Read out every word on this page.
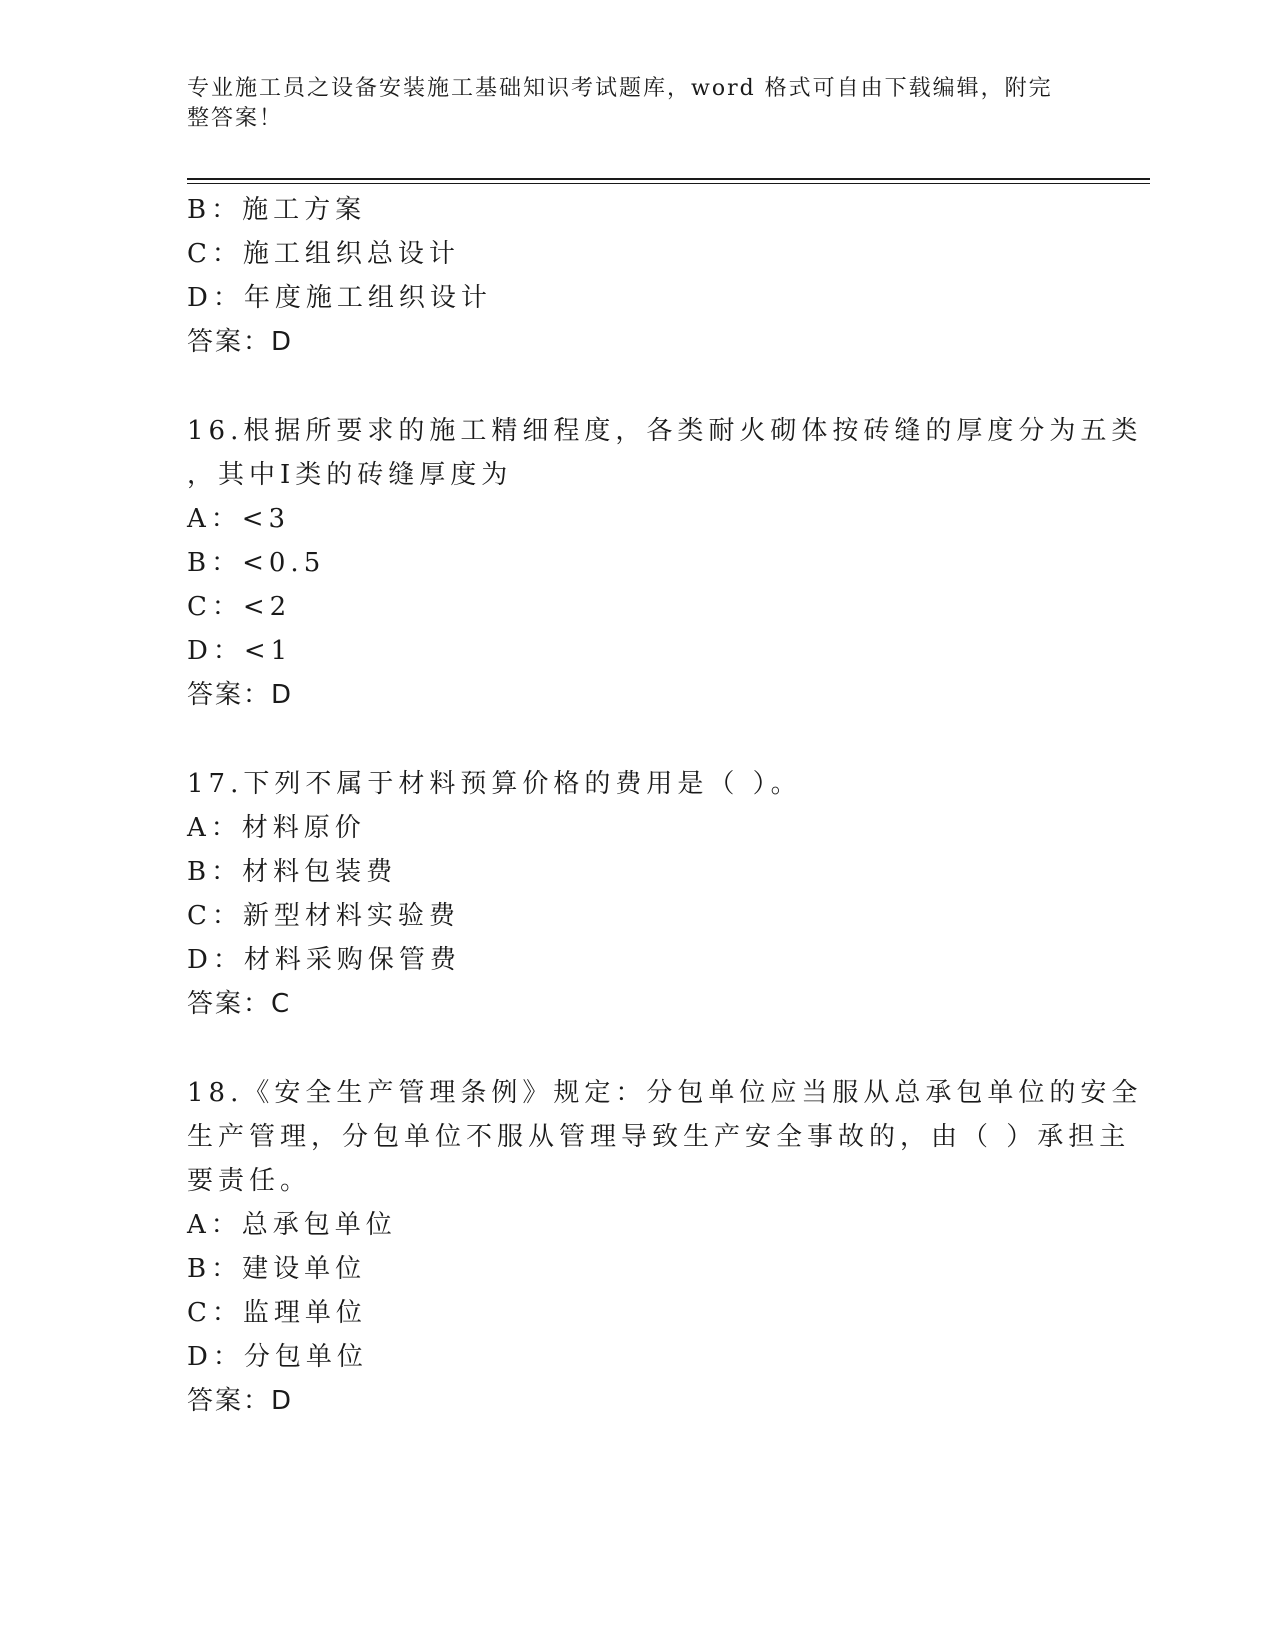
专业施工员之设备安装施工基础知识考试题库，word 格式可自由下载编辑，附完
整答案！
B：施工方案
C：施工组织总设计
D：年度施工组织设计
答案：D
16.根据所要求的施工精细程度，各类耐火砌体按砖缝的厚度分为五类
，其中Ⅰ类的砖缝厚度为
A：<3
B：<0.5
C：<2
D：<1
答案：D
17.下列不属于材料预算价格的费用是（ ）。
A：材料原价
B：材料包装费
C：新型材料实验费
D：材料采购保管费
答案：C
18.《安全生产管理条例》规定：分包单位应当服从总承包单位的安全
生产管理，分包单位不服从管理导致生产安全事故的，由（ ）承担主
要责任。
A：总承包单位
B：建设单位
C：监理单位
D：分包单位
答案：D
